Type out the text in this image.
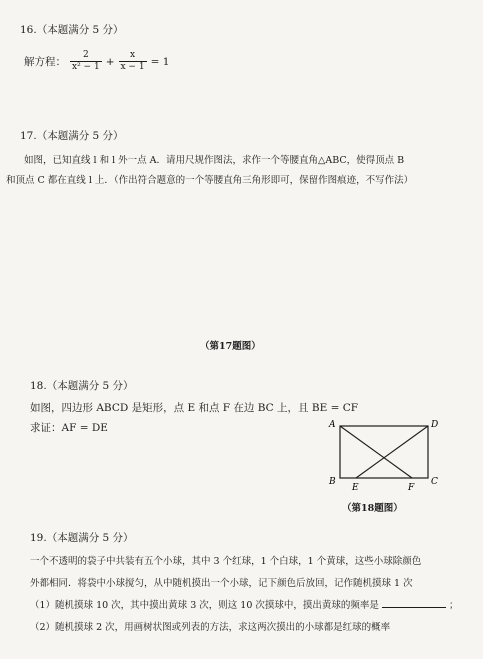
16.（本题满分 5 分）
解方程： $\frac{2}{\text{x² − 1}} + \frac{x}{x - 1} = 1$
17.（本题满分 5 分）
如图，已知直线 l 和 l 外一点 A．请用尺规作图法，求作一个等腰直角△ABC，使得顶点 B
和顶点 C 都在直线 l 上．（作出符合题意的一个等腰直角三角形即可，保留作图痕迹，不写作法）
（第17题图）
18.（本题满分 5 分）
如图，四边形 ABCD 是矩形，点 E 和点 F 在边 BC 上，且 BE = CF
求证：AF = DE	A	D
B	C
E	F
（第18题图）
19.（本题满分 5 分）
一个不透明的袋子中共装有五个小球，其中 3 个红球，1 个白球，1 个黄球，这些小球除颜色
外都相同．将袋中小球搅匀，从中随机摸出一个小球，记下颜色后放回，记作随机摸球 1 次
（1）随机摸球 10 次，其中摸出黄球 3 次，则这 10 次摸球中，摸出黄球的频率是	；
（2）随机摸球 2 次，用画树状图或列表的方法，求这两次摸出的小球都是红球的概率
